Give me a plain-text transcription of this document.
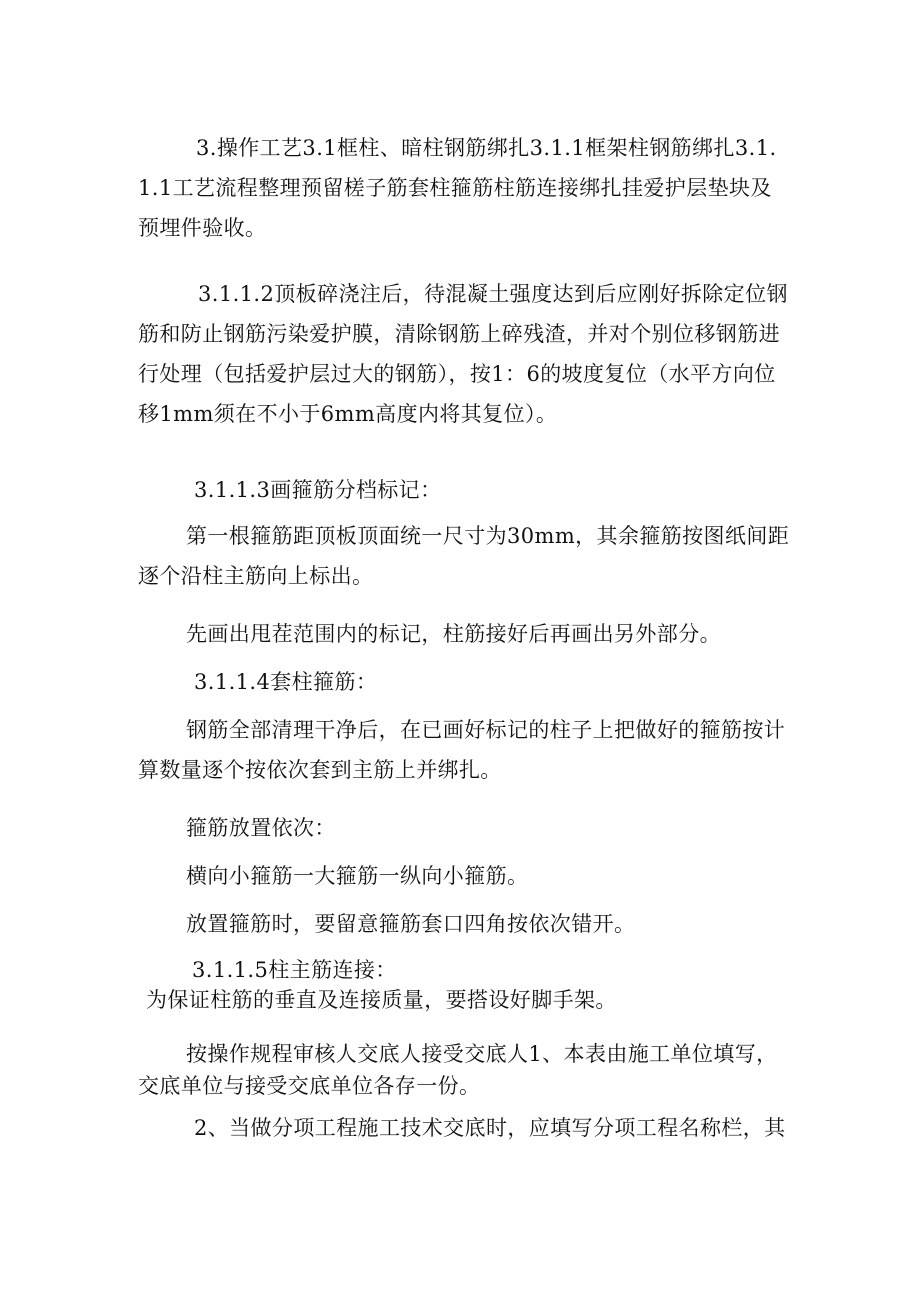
3.操作工艺3.1框柱、暗柱钢筋绑扎3.1.1框架柱钢筋绑扎3.1.1.1工艺流程整理预留槎子筋套柱箍筋柱筋连接绑扎挂爱护层垫块及预埋件验收。

3.1.1.2顶板碎浇注后，待混凝土强度达到后应刚好拆除定位钢筋和防止钢筋污染爱护膜，清除钢筋上碎残渣，并对个别位移钢筋进行处理（包括爱护层过大的钢筋），按1：6的坡度复位（水平方向位移1mm须在不小于6mm高度内将其复位）。

3.1.1.3画箍筋分档标记：

第一根箍筋距顶板顶面统一尺寸为30mm，其余箍筋按图纸间距逐个沿柱主筋向上标出。

先画出甩茬范围内的标记，柱筋接好后再画出另外部分。

3.1.1.4套柱箍筋：

钢筋全部清理干净后，在已画好标记的柱子上把做好的箍筋按计算数量逐个按依次套到主筋上并绑扎。

箍筋放置依次：

横向小箍筋一大箍筋一纵向小箍筋。

放置箍筋时，要留意箍筋套口四角按依次错开。

3.1.1.5柱主筋连接：

为保证柱筋的垂直及连接质量，要搭设好脚手架。

按操作规程审核人交底人接受交底人1、本表由施工单位填写，交底单位与接受交底单位各存一份。

2、当做分项工程施工技术交底时，应填写分项工程名称栏，其
